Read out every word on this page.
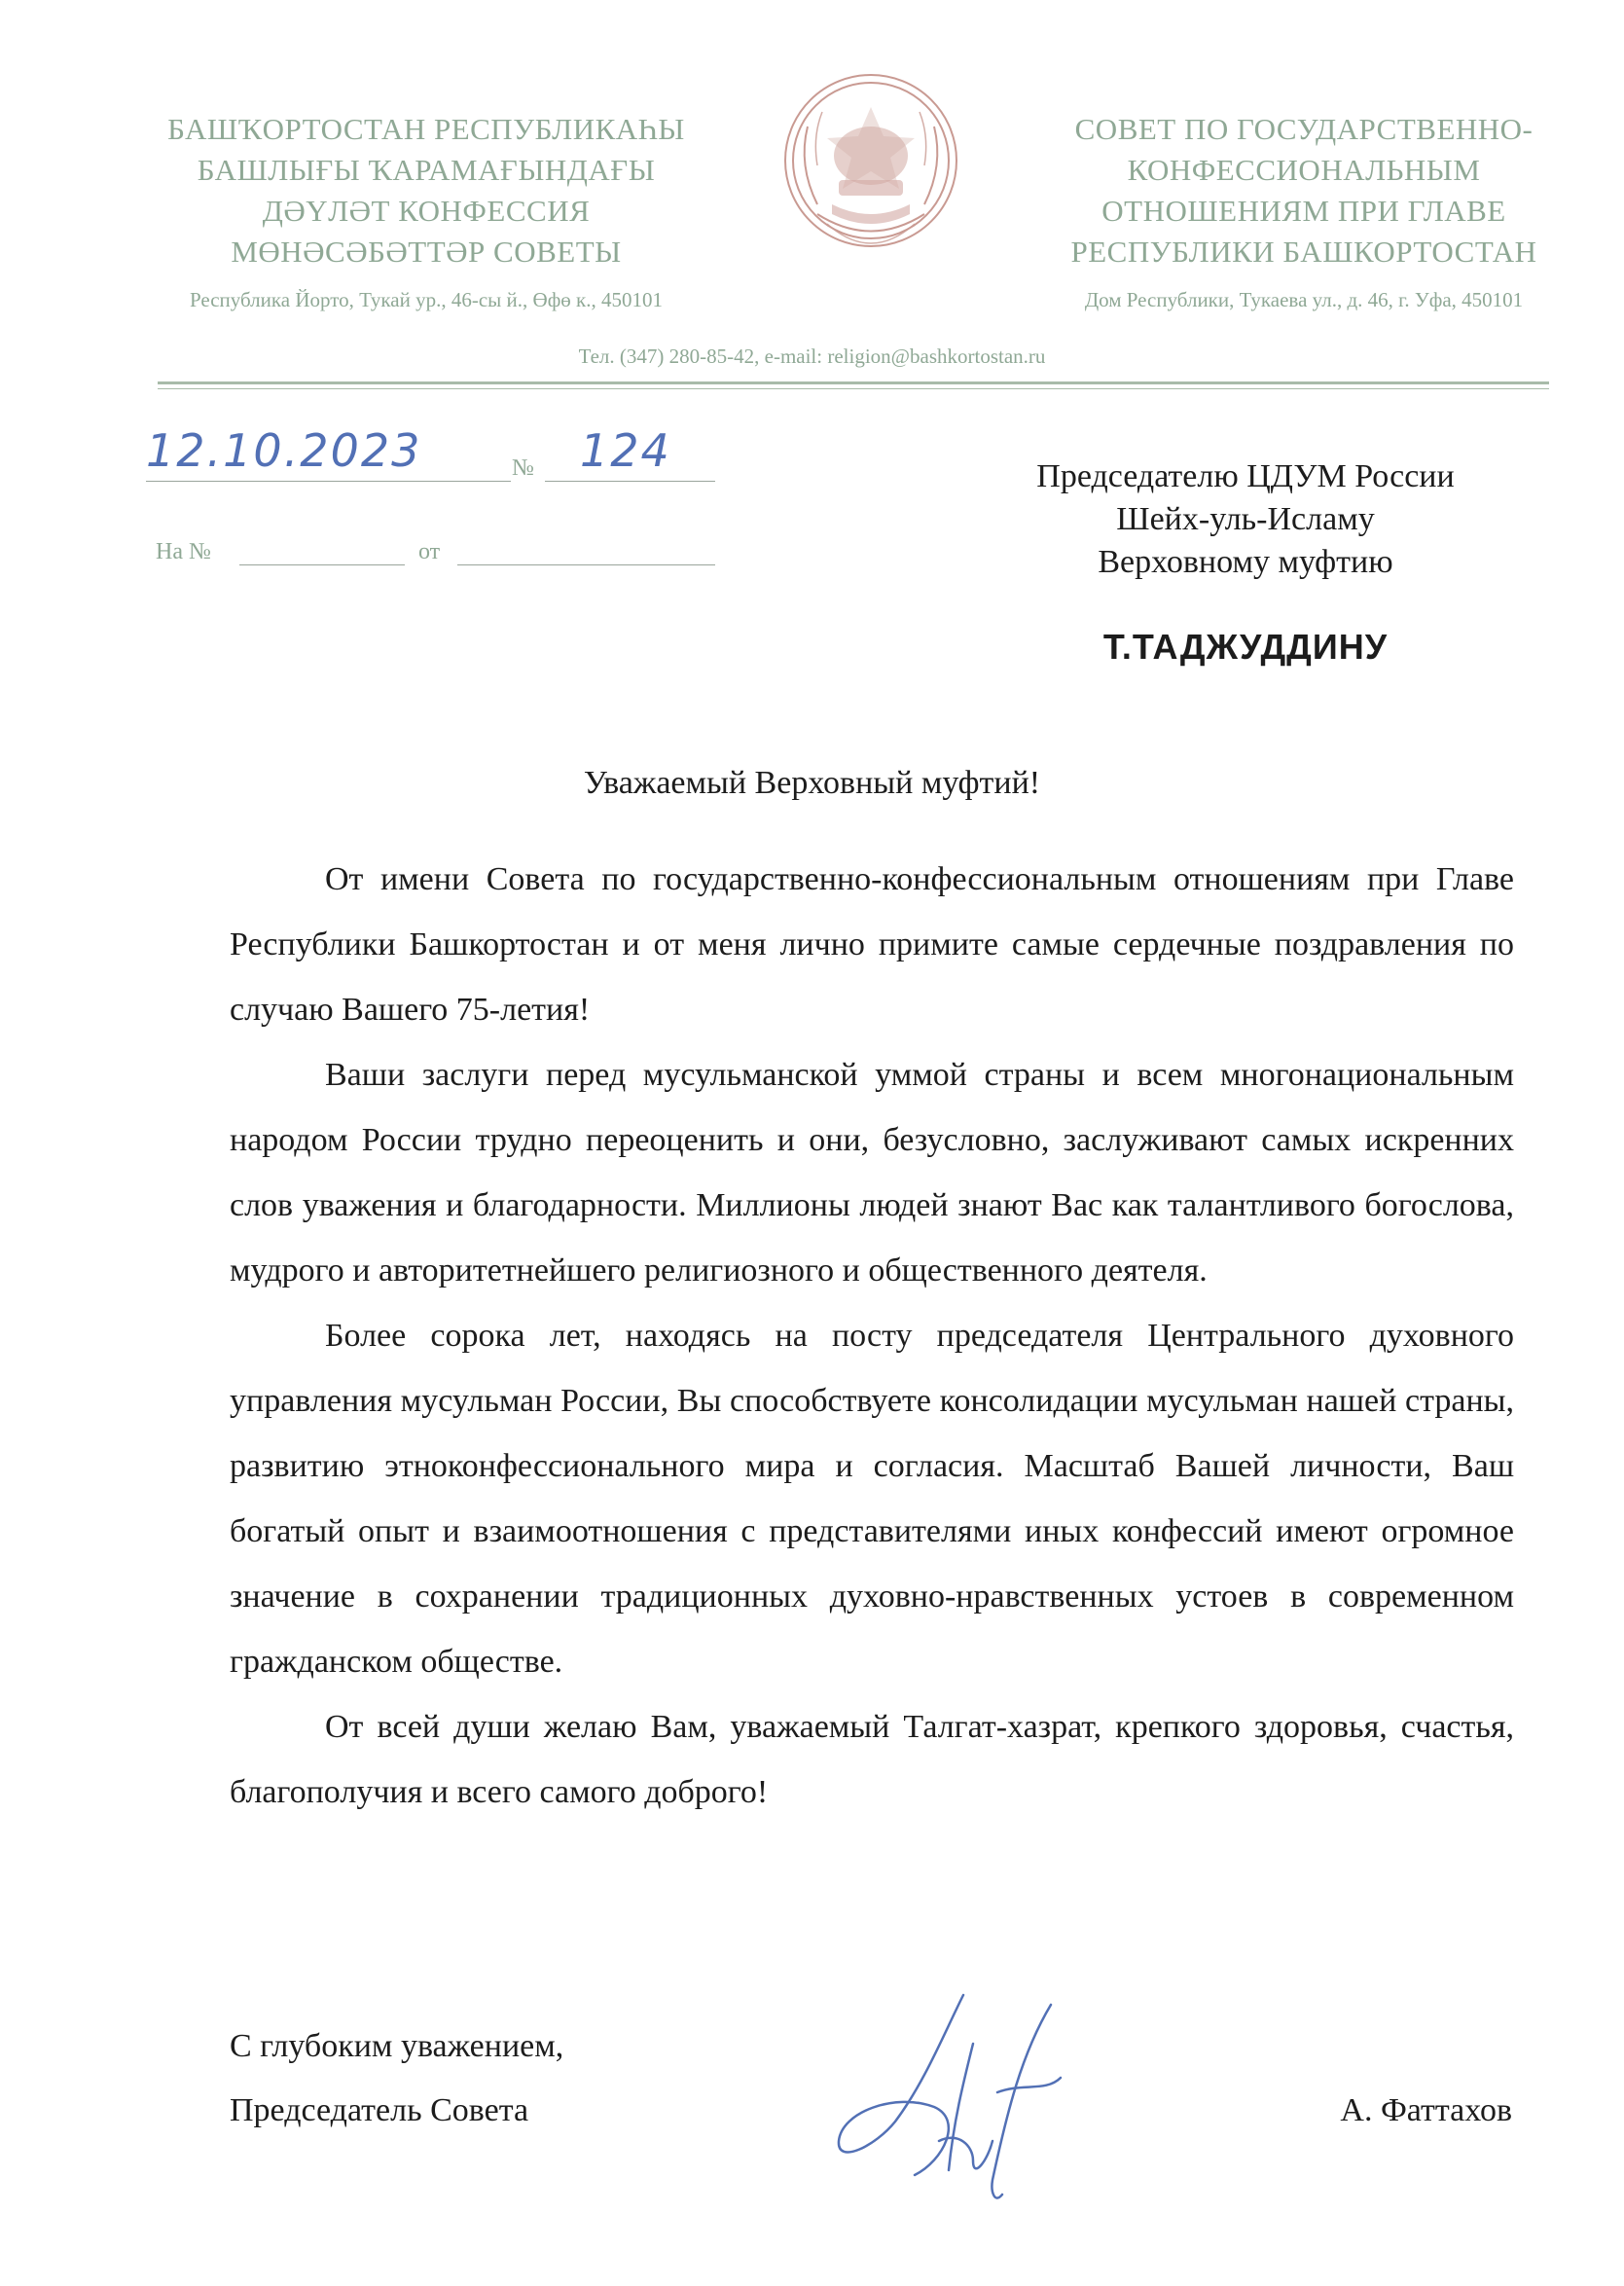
БАШҠОРТОСТАН РЕСПУБЛИКАҺЫ
БАШЛЫҒЫ ҠАРАМАҒЫНДАҒЫ
ДӘҮЛӘТ КОНФЕССИЯ
МӨНӘСӘБӘТТӘР СОВЕТЫ
Республика Йорто, Тукай ур., 46-сы й., Өфө к., 450101
СОВЕТ ПО ГОСУДАРСТВЕННО-
КОНФЕССИОНАЛЬНЫМ
ОТНОШЕНИЯМ ПРИ ГЛАВЕ
РЕСПУБЛИКИ БАШКОРТОСТАН
Дом Республики, Тукаева ул., д. 46, г. Уфа, 450101
Тел. (347) 280-85-42, e-mail: religion@bashkortostan.ru
12.10.2023	№ 124
На №	от
Председателю ЦДУМ России
Шейх-уль-Исламу
Верховному муфтию
Т.ТАДЖУДДИНУ
Уважаемый Верховный муфтий!

От имени Совета по государственно-конфессиональным отношениям при Главе Республики Башкортостан и от меня лично примите самые сердечные поздравления по случаю Вашего 75-летия!

Ваши заслуги перед мусульманской уммой страны и всем многонациональным народом России трудно переоценить и они, безусловно, заслуживают самых искренних слов уважения и благодарности. Миллионы людей знают Вас как талантливого богослова, мудрого и авторитетнейшего религиозного и общественного деятеля.

Более сорока лет, находясь на посту председателя Центрального духовного управления мусульман России, Вы способствуете консолидации мусульман нашей страны, развитию этноконфессионального мира и согласия. Масштаб Вашей личности, Ваш богатый опыт и взаимоотношения с представителями иных конфессий имеют огромное значение в сохранении традиционных духовно-нравственных устоев в современном гражданском обществе.

От всей души желаю Вам, уважаемый Талгат-хазрат, крепкого здоровья, счастья, благополучия и всего самого доброго!

С глубоким уважением,
Председатель Совета	А. Фаттахов
